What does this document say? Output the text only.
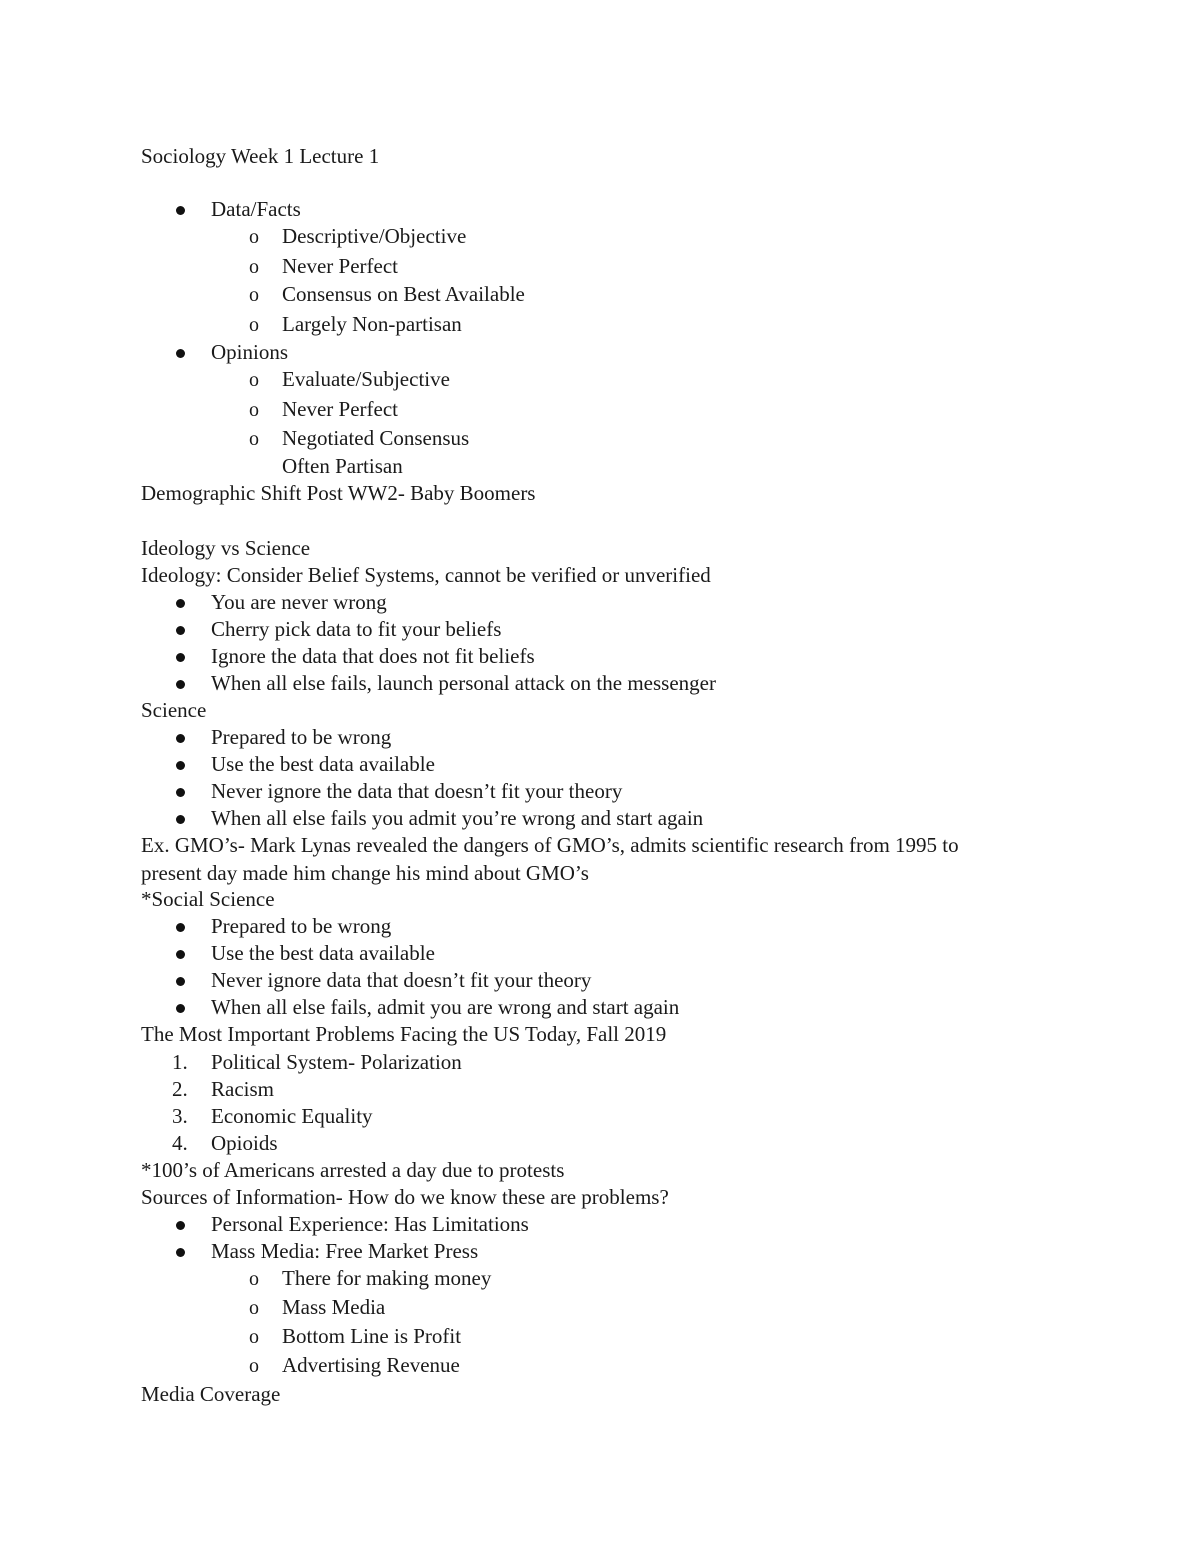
Sociology Week 1 Lecture 1
Data/Facts
o Descriptive/Objective
o Never Perfect
o Consensus on Best Available
o Largely Non-partisan
Opinions
o Evaluate/Subjective
o Never Perfect
o Negotiated Consensus
Often Partisan
Demographic Shift Post WW2- Baby Boomers
Ideology vs Science
Ideology: Consider Belief Systems, cannot be verified or unverified
You are never wrong
Cherry pick data to fit your beliefs
Ignore the data that does not fit beliefs
When all else fails, launch personal attack on the messenger
Science
Prepared to be wrong
Use the best data available
Never ignore the data that doesn’t fit your theory
When all else fails you admit you’re wrong and start again
Ex. GMO’s- Mark Lynas revealed the dangers of GMO’s, admits scientific research from 1995 to
present day made him change his mind about GMO’s
*Social Science
Prepared to be wrong
Use the best data available
Never ignore data that doesn’t fit your theory
When all else fails, admit you are wrong and start again
The Most Important Problems Facing the US Today, Fall 2019
1. Political System- Polarization
2. Racism
3. Economic Equality
4. Opioids
*100’s of Americans arrested a day due to protests
Sources of Information- How do we know these are problems?
Personal Experience: Has Limitations
Mass Media: Free Market Press
o There for making money
o Mass Media
o Bottom Line is Profit
o Advertising Revenue
Media Coverage
